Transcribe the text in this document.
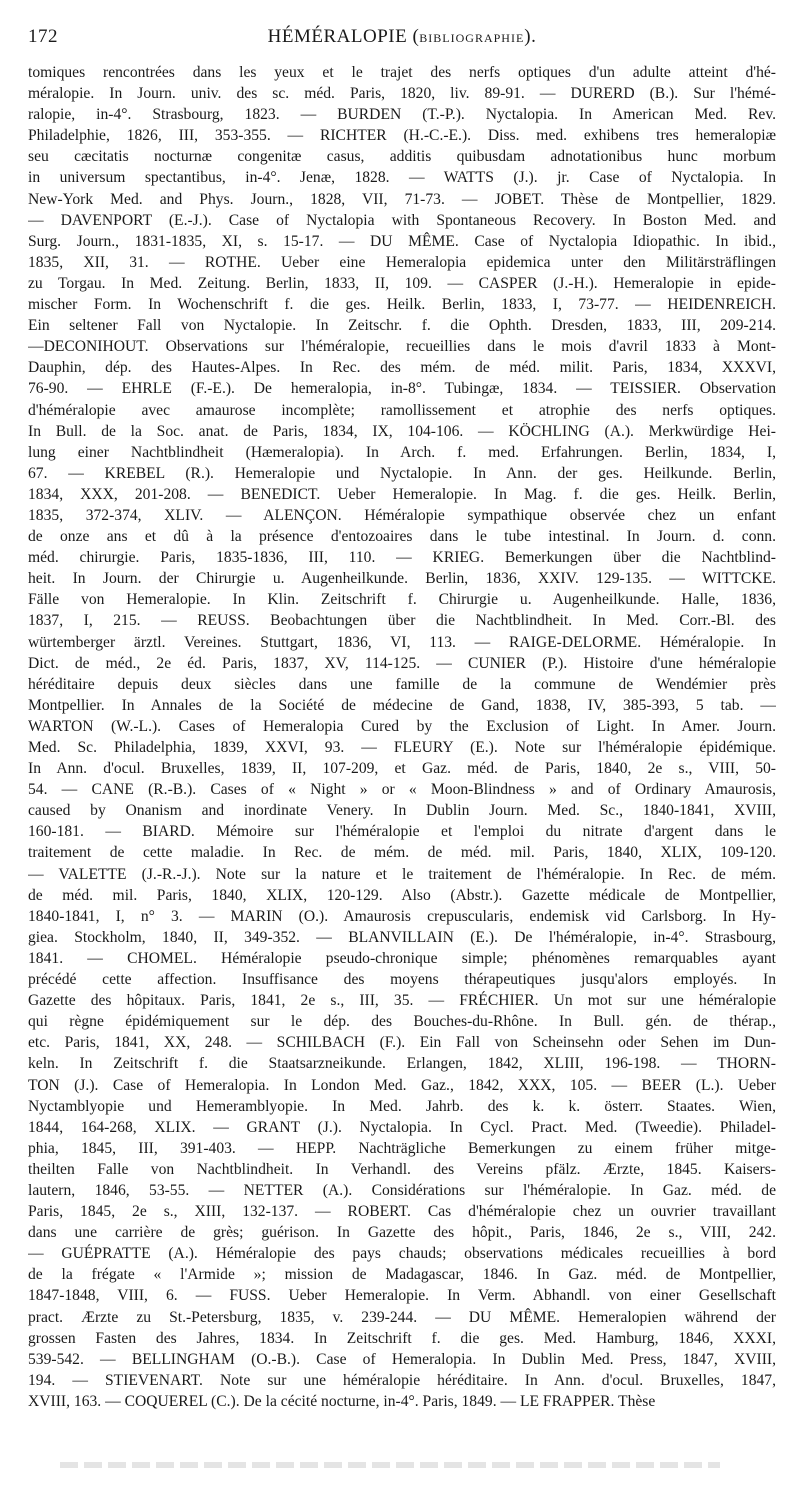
172	HÉMÉRALOPIE (BIBLIOGRAPHIE).
tomiques rencontrées dans les yeux et le trajet des nerfs optiques d'un adulte atteint d'hé-
méralopie. In Journ. univ. des sc. méd. Paris, 1820, liv. 89-91. — DURERD (B.). Sur l'hémé-
ralopie, in-4°. Strasbourg, 1823. — BURDEN (T.-P.). Nyctalopia. In American Med. Rev.
Philadelphie, 1826, III, 353-355. — RICHTER (H.-C.-E.). Diss. med. exhibens tres hemeralopiæ
seu cæcitatis nocturnæ congenitæ casus, additis quibusdam adnotationibus hunc morbum
in universum spectantibus, in-4°. Jenæ, 1828. — WATTS (J.). jr. Case of Nyctalopia. In
New-York Med. and Phys. Journ., 1828, VII, 71-73. — JOBET. Thèse de Montpellier, 1829.
— DAVENPORT (E.-J.). Case of Nyctalopia with Spontaneous Recovery. In Boston Med. and
Surg. Journ., 1831-1835, XI, s. 15-17. — DU MÊME. Case of Nyctalopia Idiopathic. In ibid.,
1835, XII, 31. — ROTHE. Ueber eine Hemeralopia epidemica unter den Militärsträflingen
zu Torgau. In Med. Zeitung. Berlin, 1833, II, 109. — CASPER (J.-H.). Hemeralopie in epide-
mischer Form. In Wochenschrift f. die ges. Heilk. Berlin, 1833, I, 73-77. — HEIDENREICH.
Ein seltener Fall von Nyctalopie. In Zeitschr. f. die Ophth. Dresden, 1833, III, 209-214.
—DECONIHOUT. Observations sur l'héméralopie, recueillies dans le mois d'avril 1833 à Mont-
Dauphin, dép. des Hautes-Alpes. In Rec. des mém. de méd. milit. Paris, 1834, XXXVI,
76-90. — EHRLE (F.-E.). De hemeralopia, in-8°. Tubingæ, 1834. — TEISSIER. Observation
d'héméralopie avec amaurose incomplète; ramollissement et atrophie des nerfs optiques.
In Bull. de la Soc. anat. de Paris, 1834, IX, 104-106. — KÖCHLING (A.). Merkwürdige Hei-
lung einer Nachtblindheit (Hæmeralopia). In Arch. f. med. Erfahrungen. Berlin, 1834, I,
67. — KREBEL (R.). Hemeralopie und Nyctalopie. In Ann. der ges. Heilkunde. Berlin,
1834, XXX, 201-208. — BENEDICT. Ueber Hemeralopie. In Mag. f. die ges. Heilk. Berlin,
1835, 372-374, XLIV. — ALENÇON. Héméralopie sympathique observée chez un enfant
de onze ans et dû à la présence d'entozoaires dans le tube intestinal. In Journ. d. conn.
méd. chirurgie. Paris, 1835-1836, III, 110. — KRIEG. Bemerkungen über die Nachtblind-
heit. In Journ. der Chirurgie u. Augenheilkunde. Berlin, 1836, XXIV. 129-135. — WITTCKE.
Fälle von Hemeralopie. In Klin. Zeitschrift f. Chirurgie u. Augenheilkunde. Halle, 1836,
1837, I, 215. — REUSS. Beobachtungen über die Nachtblindheit. In Med. Corr.-Bl. des
würtemberger ärztl. Vereines. Stuttgart, 1836, VI, 113. — RAIGE-DELORME. Héméralopie. In
Dict. de méd., 2e éd. Paris, 1837, XV, 114-125. — CUNIER (P.). Histoire d'une héméralopie
héréditaire depuis deux siècles dans une famille de la commune de Wendémier près
Montpellier. In Annales de la Société de médecine de Gand, 1838, IV, 385-393, 5 tab. —
WARTON (W.-L.). Cases of Hemeralopia Cured by the Exclusion of Light. In Amer. Journ.
Med. Sc. Philadelphia, 1839, XXVI, 93. — FLEURY (E.). Note sur l'héméralopie épidémique.
In Ann. d'ocul. Bruxelles, 1839, II, 107-209, et Gaz. méd. de Paris, 1840, 2e s., VIII, 50-
54. — CANE (R.-B.). Cases of « Night » or « Moon-Blindness » and of Ordinary Amaurosis,
caused by Onanism and inordinate Venery. In Dublin Journ. Med. Sc., 1840-1841, XVIII,
160-181. — BIARD. Mémoire sur l'héméralopie et l'emploi du nitrate d'argent dans le
traitement de cette maladie. In Rec. de mém. de méd. mil. Paris, 1840, XLIX, 109-120.
— VALETTE (J.-R.-J.). Note sur la nature et le traitement de l'héméralopie. In Rec. de mém.
de méd. mil. Paris, 1840, XLIX, 120-129. Also (Abstr.). Gazette médicale de Montpellier,
1840-1841, I, n° 3. — MARIN (O.). Amaurosis crepuscularis, endemisk vid Carlsborg. In Hy-
giea. Stockholm, 1840, II, 349-352. — BLANVILLAIN (E.). De l'héméralopie, in-4°. Strasbourg,
1841. — CHOMEL. Héméralopie pseudo-chronique simple; phénomènes remarquables ayant
précédé cette affection. Insuffisance des moyens thérapeutiques jusqu'alors employés. In
Gazette des hôpitaux. Paris, 1841, 2e s., III, 35. — FRÉCHIER. Un mot sur une héméralopie
qui règne épidémiquement sur le dép. des Bouches-du-Rhône. In Bull. gén. de thérap.,
etc. Paris, 1841, XX, 248. — SCHILBACH (F.). Ein Fall von Scheinsehn oder Sehen im Dun-
keln. In Zeitschrift f. die Staatsarzneikunde. Erlangen, 1842, XLIII, 196-198. — THORN-
TON (J.). Case of Hemeralopia. In London Med. Gaz., 1842, XXX, 105. — BEER (L.). Ueber
Nyctamblyopie und Hemeramblyopie. In Med. Jahrb. des k. k. österr. Staates. Wien,
1844, 164-268, XLIX. — GRANT (J.). Nyctalopia. In Cycl. Pract. Med. (Tweedie). Philadel-
phia, 1845, III, 391-403. — HEPP. Nachträgliche Bemerkungen zu einem früher mitge-
theilten Falle von Nachtblindheit. In Verhandl. des Vereins pfälz. Ærzte, 1845. Kaisers-
lautern, 1846, 53-55. — NETTER (A.). Considérations sur l'héméralopie. In Gaz. méd. de
Paris, 1845, 2e s., XIII, 132-137. — ROBERT. Cas d'héméralopie chez un ouvrier travaillant
dans une carrière de grès; guérison. In Gazette des hôpit., Paris, 1846, 2e s., VIII, 242.
— GUÉPRATTE (A.). Héméralopie des pays chauds; observations médicales recueillies à bord
de la frégate « l'Armide »; mission de Madagascar, 1846. In Gaz. méd. de Montpellier,
1847-1848, VIII, 6. — FUSS. Ueber Hemeralopie. In Verm. Abhandl. von einer Gesellschaft
pract. Ærzte zu St.-Petersburg, 1835, v. 239-244. — DU MÊME. Hemeralopien während der
grossen Fasten des Jahres, 1834. In Zeitschrift f. die ges. Med. Hamburg, 1846, XXXI,
539-542. — BELLINGHAM (O.-B.). Case of Hemeralopia. In Dublin Med. Press, 1847, XVIII,
194. — STIEVENART. Note sur une héméralopie héréditaire. In Ann. d'ocul. Bruxelles, 1847,
XVIII, 163. — COQUEREL (C.). De la cécité nocturne, in-4°. Paris, 1849. — LE FRAPPER. Thèse
